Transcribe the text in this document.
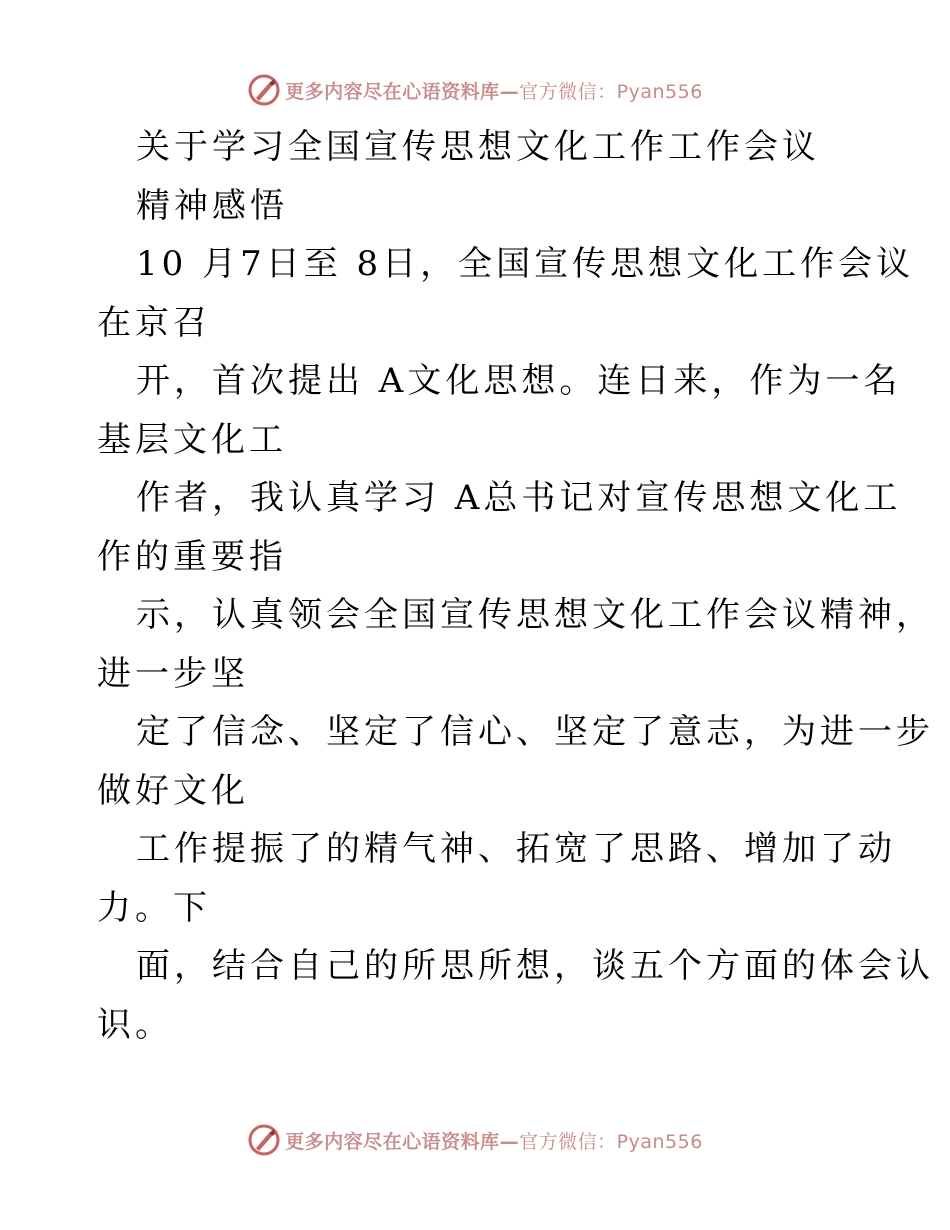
更多内容尽在心语资料库—官方微信：Pyan556
关于学习全国宣传思想文化工作工作会议
精神感悟
10 月7日至 8日，全国宣传思想文化工作会议
在京召
开，首次提出 A文化思想。连日来，作为一名
基层文化工
作者，我认真学习 A总书记对宣传思想文化工
作的重要指
示，认真领会全国宣传思想文化工作会议精神，
进一步坚
定了信念、坚定了信心、坚定了意志，为进一步
做好文化
工作提振了的精气神、拓宽了思路、增加了动
力。下
面，结合自己的所思所想，谈五个方面的体会认
识。
更多内容尽在心语资料库—官方微信：Pyan556
